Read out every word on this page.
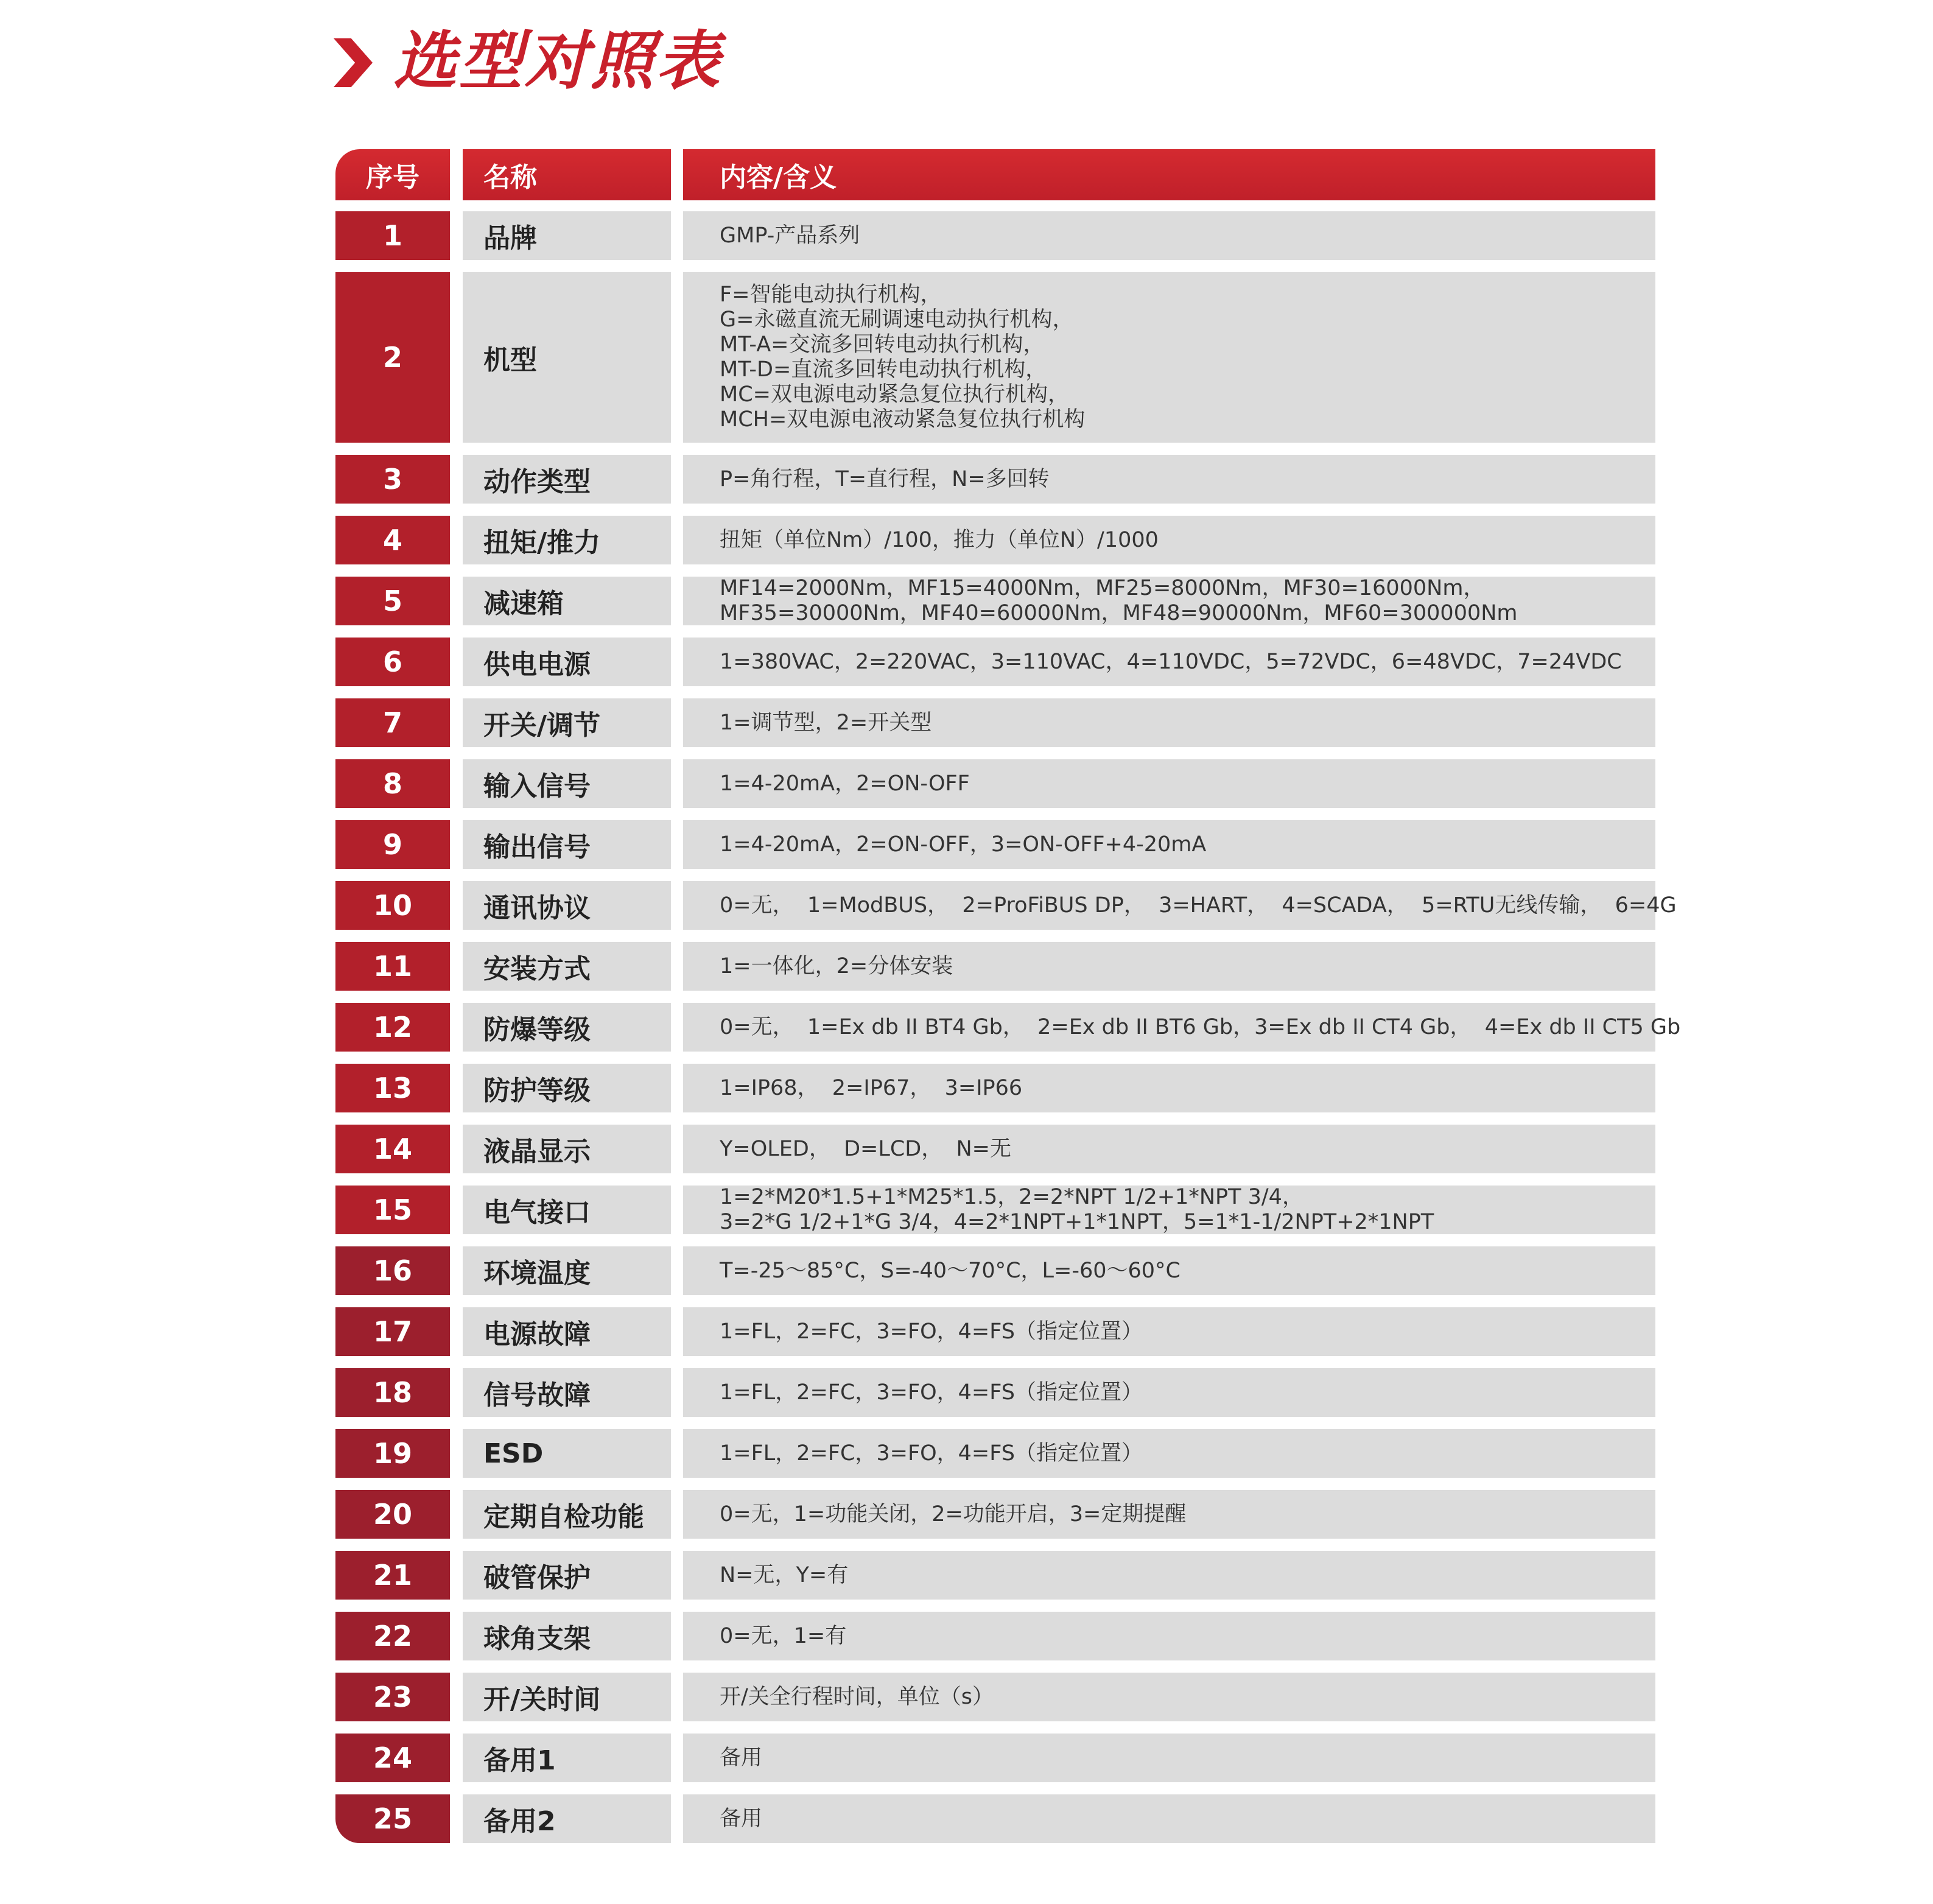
选型对照表
序号	名称	内容/含义
1	品牌	GMP-产品系列
2	机型
F=智能电动执行机构，
G=永磁直流无刷调速电动执行机构，
MT-A=交流多回转电动执行机构，
MT-D=直流多回转电动执行机构，
MC=双电源电动紧急复位执行机构，
MCH=双电源电液动紧急复位执行机构
3	动作类型	P=角行程，T=直行程，N=多回转
4	扭矩/推力	扭矩（单位Nm）/100，推力（单位N）/1000
5	减速箱	MF14=2000Nm，MF15=4000Nm，MF25=8000Nm，MF30=16000Nm，
MF35=30000Nm，MF40=60000Nm，MF48=90000Nm，MF60=300000Nm
6	供电电源	1=380VAC，2=220VAC，3=110VAC，4=110VDC，5=72VDC，6=48VDC，7=24VDC
7	开关/调节	1=调节型，2=开关型
8	输入信号	1=4-20mA，2=ON-OFF
9	输出信号	1=4-20mA，2=ON-OFF，3=ON-OFF+4-20mA
10	通讯协议	0=无，  1=ModBUS，  2=ProFiBUS DP，  3=HART，  4=SCADA，  5=RTU无线传输，  6=4G
11	安装方式	1=一体化，2=分体安装
12	防爆等级	0=无，  1=Ex db II BT4 Gb，  2=Ex db II BT6 Gb，3=Ex db II CT4 Gb，  4=Ex db II CT5 Gb
13	防护等级	1=IP68，  2=IP67，  3=IP66
14	液晶显示	Y=OLED，  D=LCD，  N=无
15	电气接口	1=2*M20*1.5+1*M25*1.5，2=2*NPT 1/2+1*NPT 3/4，
3=2*G 1/2+1*G 3/4，4=2*1NPT+1*1NPT，5=1*1-1/2NPT+2*1NPT
16	环境温度	T=-25～85°C，S=-40～70°C，L=-60～60°C
17	电源故障	1=FL，2=FC，3=FO，4=FS（指定位置）
18	信号故障	1=FL，2=FC，3=FO，4=FS（指定位置）
19	ESD	1=FL，2=FC，3=FO，4=FS（指定位置）
20	定期自检功能	0=无，1=功能关闭，2=功能开启，3=定期提醒
21	破管保护	N=无，Y=有
22	球角支架	0=无，1=有
23	开/关时间	开/关全行程时间，单位（s）
24	备用1	备用
25	备用2	备用
